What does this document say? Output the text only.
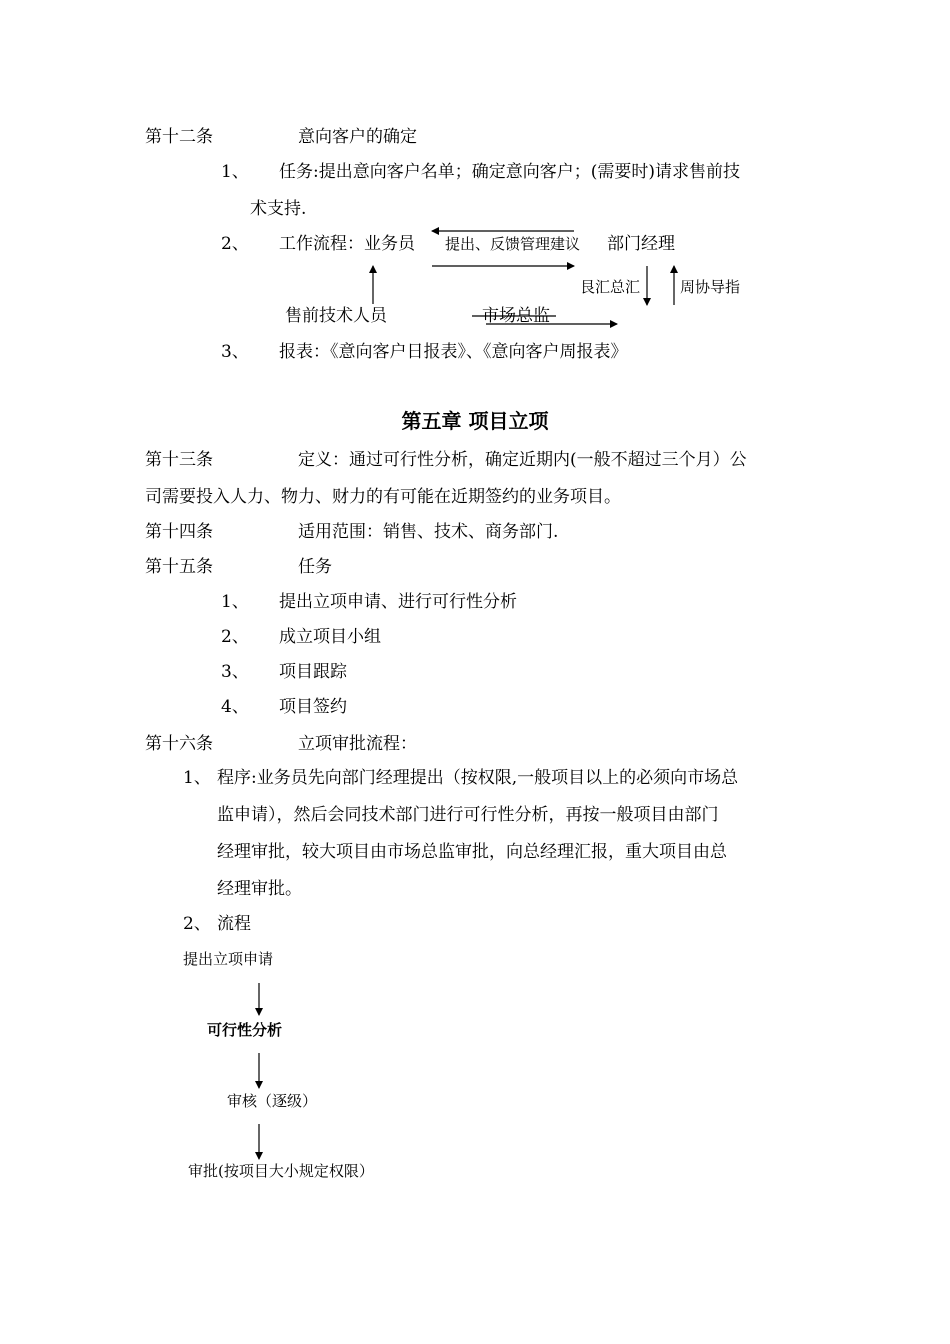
第十二条	意向客户的确定
1、 任务:提出意向客户名单；确定意向客户；(需要时)请求售前技
术支持.
2、 工作流程：业务员 提出、反馈管理建议 部门经理
艮汇总汇	周协导指
售前技术人员	市场总监
3、 报表：《意向客户日报表》、《意向客户周报表》
第五章 项目立项
第十三条	定义：通过可行性分析，确定近期内(一般不超过三个月）公
司需要投入人力、物力、财力的有可能在近期签约的业务项目。
第十四条	适用范围：销售、技术、商务部门.
第十五条	任务
1、 提出立项申请、进行可行性分析
2、 成立项目小组
3、 项目跟踪
4、 项目签约
第十六条	立项审批流程：
1、 程序:业务员先向部门经理提出（按权限,一般项目以上的必须向市场总
监申请），然后会同技术部门进行可行性分析，再按一般项目由部门
经理审批，较大项目由市场总监审批，向总经理汇报，重大项目由总
经理审批。
2、 流程
提出立项申请
可行性分析
审核（逐级）
审批(按项目大小规定权限）
